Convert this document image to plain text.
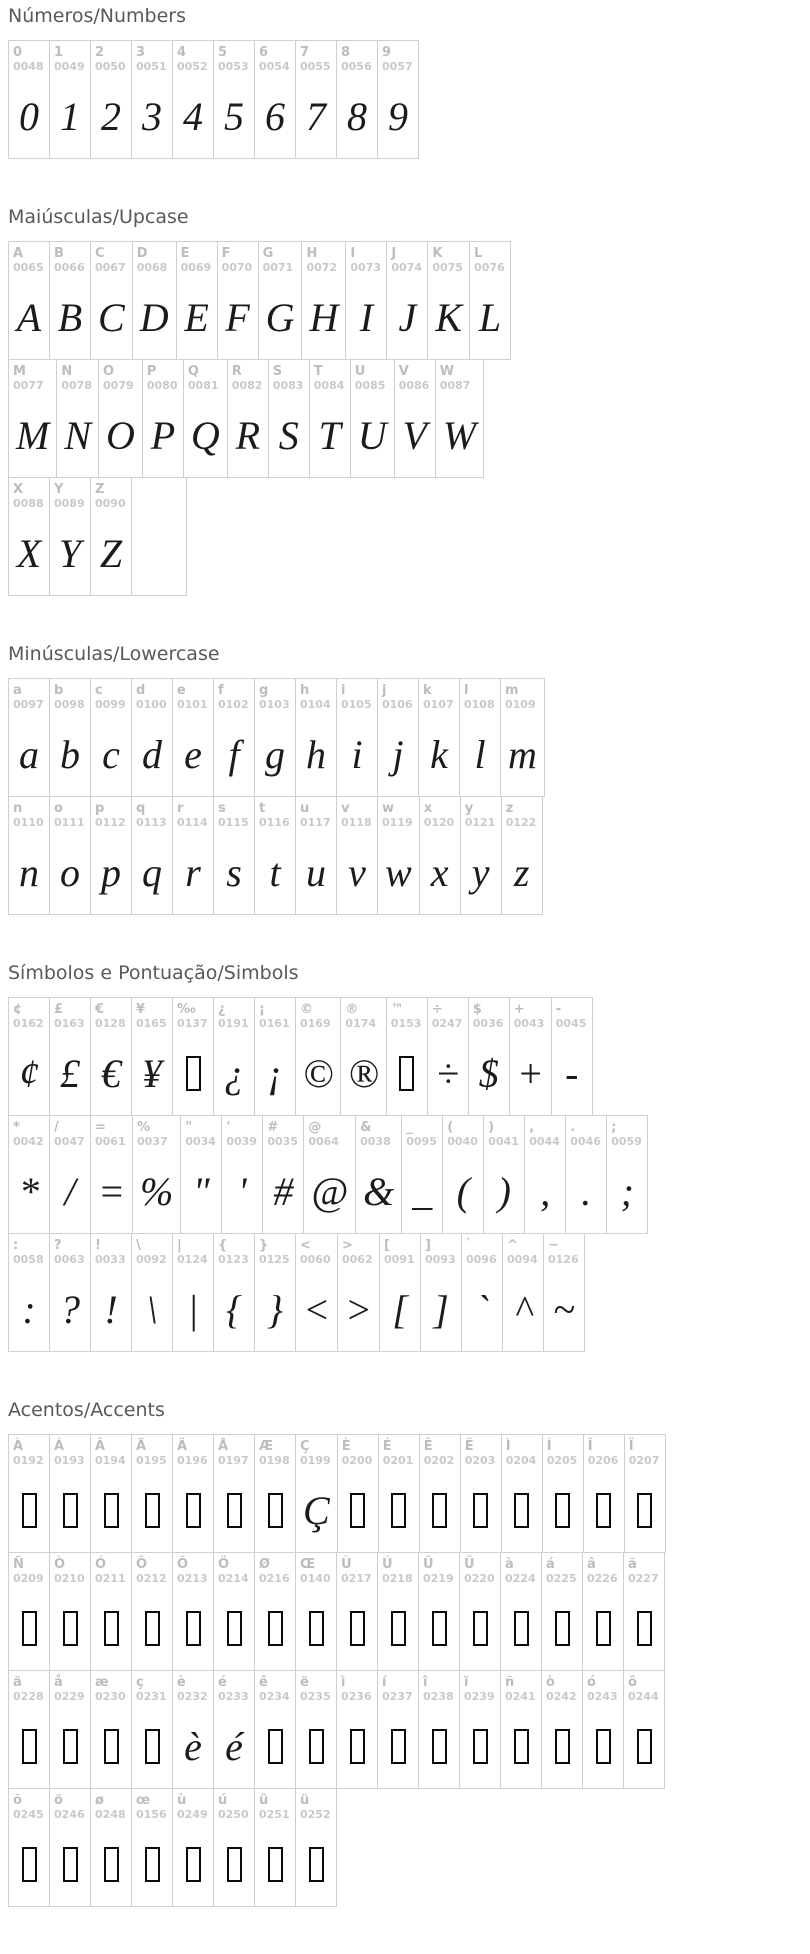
Números/Numbers
0
0048
0
1
0049
1
2
0050
2
3
0051
3
4
0052
4
5
0053
5
6
0054
6
7
0055
7
8
0056
8
9
0057
9
Maiúsculas/Upcase
A
0065
A
B
0066
B
C
0067
C
D
0068
D
E
0069
E
F
0070
F
G
0071
G
H
0072
H
I
0073
I
J
0074
J
K
0075
K
L
0076
L
M
0077
M
N
0078
N
O
0079
O
P
0080
P
Q
0081
Q
R
0082
R
S
0083
S
T
0084
T
U
0085
U
V
0086
V
W
0087
W
X
0088
X
Y
0089
Y
Z
0090
Z
Minúsculas/Lowercase
a
0097
a
b
0098
b
c
0099
c
d
0100
d
e
0101
e
f
0102
f
g
0103
g
h
0104
h
i
0105
i
j
0106
j
k
0107
k
l
0108
l
m
0109
m
n
0110
n
o
0111
o
p
0112
p
q
0113
q
r
0114
r
s
0115
s
t
0116
t
u
0117
u
v
0118
v
w
0119
w
x
0120
x
y
0121
y
z
0122
z
Símbolos e Pontuação/Simbols
¢
0162
¢
£
0163
£
€
0128
€
¥
0165
¥
‰
0137
¿
0191
¿
¡
0161
¡
©
0169
©
®
0174
®
™
0153
÷
0247
÷
$
0036
$
+
0043
+
-
0045
-
*
0042
*
/
0047
/
=
0061
=
%
0037
%
"
0034
"
'
0039
'
#
0035
#
@
0064
@
&
0038
&
_
0095
_
(
0040
(
)
0041
)
,
0044
,
.
0046
.
;
0059
;
:
0058
:
?
0063
?
!
0033
!
\
0092
\
|
0124
|
{
0123
{
}
0125
}
<
0060
<
>
0062
>
[
0091
[
]
0093
]
`
0096
`
^
0094
^
~
0126
~
Acentos/Accents
À
0192
Á
0193
Â
0194
Ã
0195
Ä
0196
Å
0197
Æ
0198
Ç
0199
Ç
È
0200
É
0201
Ê
0202
Ë
0203
Ì
0204
Í
0205
Î
0206
Ï
0207
Ñ
0209
Ò
0210
Ó
0211
Ô
0212
Õ
0213
Ö
0214
Ø
0216
Œ
0140
Ù
0217
Ú
0218
Û
0219
Ü
0220
à
0224
á
0225
â
0226
ã
0227
ä
0228
å
0229
æ
0230
ç
0231
è
0232
è
é
0233
é
ê
0234
ë
0235
ì
0236
í
0237
î
0238
ï
0239
ñ
0241
ò
0242
ó
0243
ô
0244
õ
0245
ö
0246
ø
0248
œ
0156
ù
0249
ú
0250
û
0251
ü
0252
